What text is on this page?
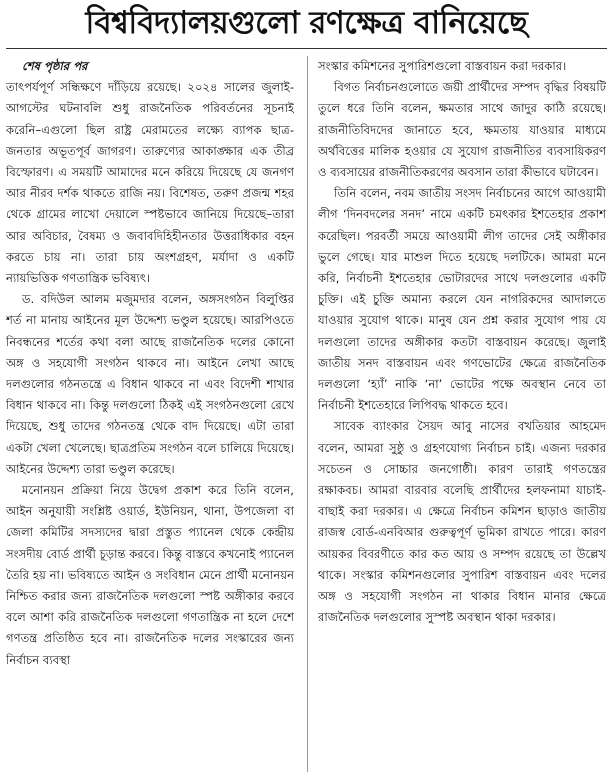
বিশ্ববিদ্যালয়গুলো রণক্ষেত্র বানিয়েছে

শেষ পৃষ্ঠার পর

তাৎপর্যপূর্ণ সন্ধিক্ষণে দাঁড়িয়ে রয়েছে। ২০২৪ সালের জুলাই-আগস্টের ঘটনাবলি শুধু রাজনৈতিক পরিবর্তনের সূচনাই করেনি–এগুলো ছিল রাষ্ট্র মেরামতের লক্ষ্যে ব্যাপক ছাত্র-জনতার অভূতপূর্ব জাগরণ। তারুণ্যের আকাঙ্ক্ষার এক তীব্র বিস্ফোরণ। এ সময়টি আমাদের মনে করিয়ে দিয়েছে যে জনগণ আর নীরব দর্শক থাকতে রাজি নয়। বিশেষত, তরুণ প্রজন্ম শহর থেকে গ্রামের লাখো দেয়ালে স্পষ্টভাবে জানিয়ে দিয়েছে–তারা আর অবিচার, বৈষম্য ও জবাবদিহিহীনতার উত্তরাধিকার বহন করতে চায় না। তারা চায় অংশগ্রহণ, মর্যাদা ও একটি ন্যায়ভিত্তিক গণতান্ত্রিক ভবিষ্যৎ।

ড. বদিউল আলম মজুমদার বলেন, অঙ্গসংগঠন বিলুপ্তির শর্ত না মানায় আইনের মূল উদ্দেশ্য ভণ্ডুল হয়েছে। আরপিওতে নিবন্ধনের শর্তের কথা বলা আছে রাজনৈতিক দলের কোনো অঙ্গ ও সহযোগী সংগঠন থাকবে না। আইনে লেখা আছে দলগুলোর গঠনতন্ত্রে এ বিধান থাকবে না এবং বিদেশী শাখার বিধান থাকবে না। কিন্তু দলগুলো ঠিকই এই সংগঠনগুলো রেখে দিয়েছে, শুধু তাদের গঠনতন্ত্র থেকে বাদ দিয়েছে। এটা তারা একটা খেলা খেলেছে। ছাত্রপ্রতিম সংগঠন বলে চালিয়ে দিয়েছে। আইনের উদ্দেশ্য তারা ভণ্ডুল করেছে।

মনোনয়ন প্রক্রিয়া নিয়ে উদ্বেগ প্রকাশ করে তিনি বলেন, আইন অনুযায়ী সংশ্লিষ্ট ওয়ার্ড, ইউনিয়ন, থানা, উপজেলা বা জেলা কমিটির সদস্যদের দ্বারা প্রস্তুত প্যানেল থেকে কেন্দ্রীয় সংসদীয় বোর্ড প্রার্থী চূড়ান্ত করবে। কিন্তু বাস্তবে কখনোই প্যানেল তৈরি হয় না। ভবিষ্যতে আইন ও সংবিধান মেনে প্রার্থী মনোনয়ন নিশ্চিত করার জন্য রাজনৈতিক দলগুলো স্পষ্ট অঙ্গীকার করবে বলে আশা করি রাজনৈতিক দলগুলো গণতান্ত্রিক না হলে দেশে গণতন্ত্র প্রতিষ্ঠিত হবে না। রাজনৈতিক দলের সংস্কারের জন্য নির্বাচন ব্যবস্থা

সংস্কার কমিশনের সুপারিশগুলো বাস্তবায়ন করা দরকার।

বিগত নির্বাচনগুলোতে জয়ী প্রার্থীদের সম্পদ বৃদ্ধির বিষয়টি তুলে ধরে তিনি বলেন, ক্ষমতার সাথে জাদুর কাঠি রয়েছে। রাজনীতিবিদদের জানাতে হবে, ক্ষমতায় যাওয়ার মাধ্যমে অর্থবিত্তের মালিক হওয়ার যে সুযোগ রাজনীতির ব্যবসায়িকরণ ও ব্যবসায়ের রাজনীতিকরণের অবসান তারা কীভাবে ঘটাবেন।

তিনি বলেন, নবম জাতীয় সংসদ নির্বাচনের আগে আওয়ামী লীগ ‘দিনবদলের সনদ’ নামে একটি চমৎকার ইশতেহার প্রকাশ করেছিল। পরবর্তী সময়ে আওয়ামী লীগ তাদের সেই অঙ্গীকার ভুলে গেছে। যার মাশুল দিতে হয়েছে দলটিকে। আমরা মনে করি, নির্বাচনী ইশতেহার ভোটারদের সাথে দলগুলোর একটি চুক্তি। এই চুক্তি অমান্য করলে যেন নাগরিকদের আদালতে যাওয়ার সুযোগ থাকে। মানুষ যেন প্রশ্ন করার সুযোগ পায় যে দলগুলো তাদের অঙ্গীকার কতটা বাস্তবায়ন করেছে। জুলাই জাতীয় সনদ বাস্তবায়ন এবং গণভোটের ক্ষেত্রে রাজনৈতিক দলগুলো ‘হ্যাঁ’ নাকি ‘না’ ভোটের পক্ষে অবস্থান নেবে তা নির্বাচনী ইশতেহারে লিপিবদ্ধ থাকতে হবে।

সাবেক ব্যাংকার সৈয়দ আবু নাসের বখতিয়ার আহমেদ বলেন, আমরা সুষ্ঠু ও গ্রহণযোগ্য নির্বাচন চাই। এজন্য দরকার সচেতন ও সোচ্চার জনগোষ্ঠী। কারণ তারাই গণতন্ত্রের রক্ষাকবচ। আমরা বারবার বলেছি প্রার্থীদের হলফনামা যাচাই-বাছাই করা দরকার। এ ক্ষেত্রে নির্বাচন কমিশন ছাড়াও জাতীয় রাজস্ব বোর্ড-এনবিআর গুরুত্বপূর্ণ ভূমিকা রাখতে পারে। কারণ আয়কর বিবরণীতে কার কত আয় ও সম্পদ রয়েছে তা উল্লেখ থাকে। সংস্কার কমিশনগুলোর সুপারিশ বাস্তবায়ন এবং দলের অঙ্গ ও সহযোগী সংগঠন না থাকার বিধান মানার ক্ষেত্রে রাজনৈতিক দলগুলোর সুস্পষ্ট অবস্থান থাকা দরকার।
